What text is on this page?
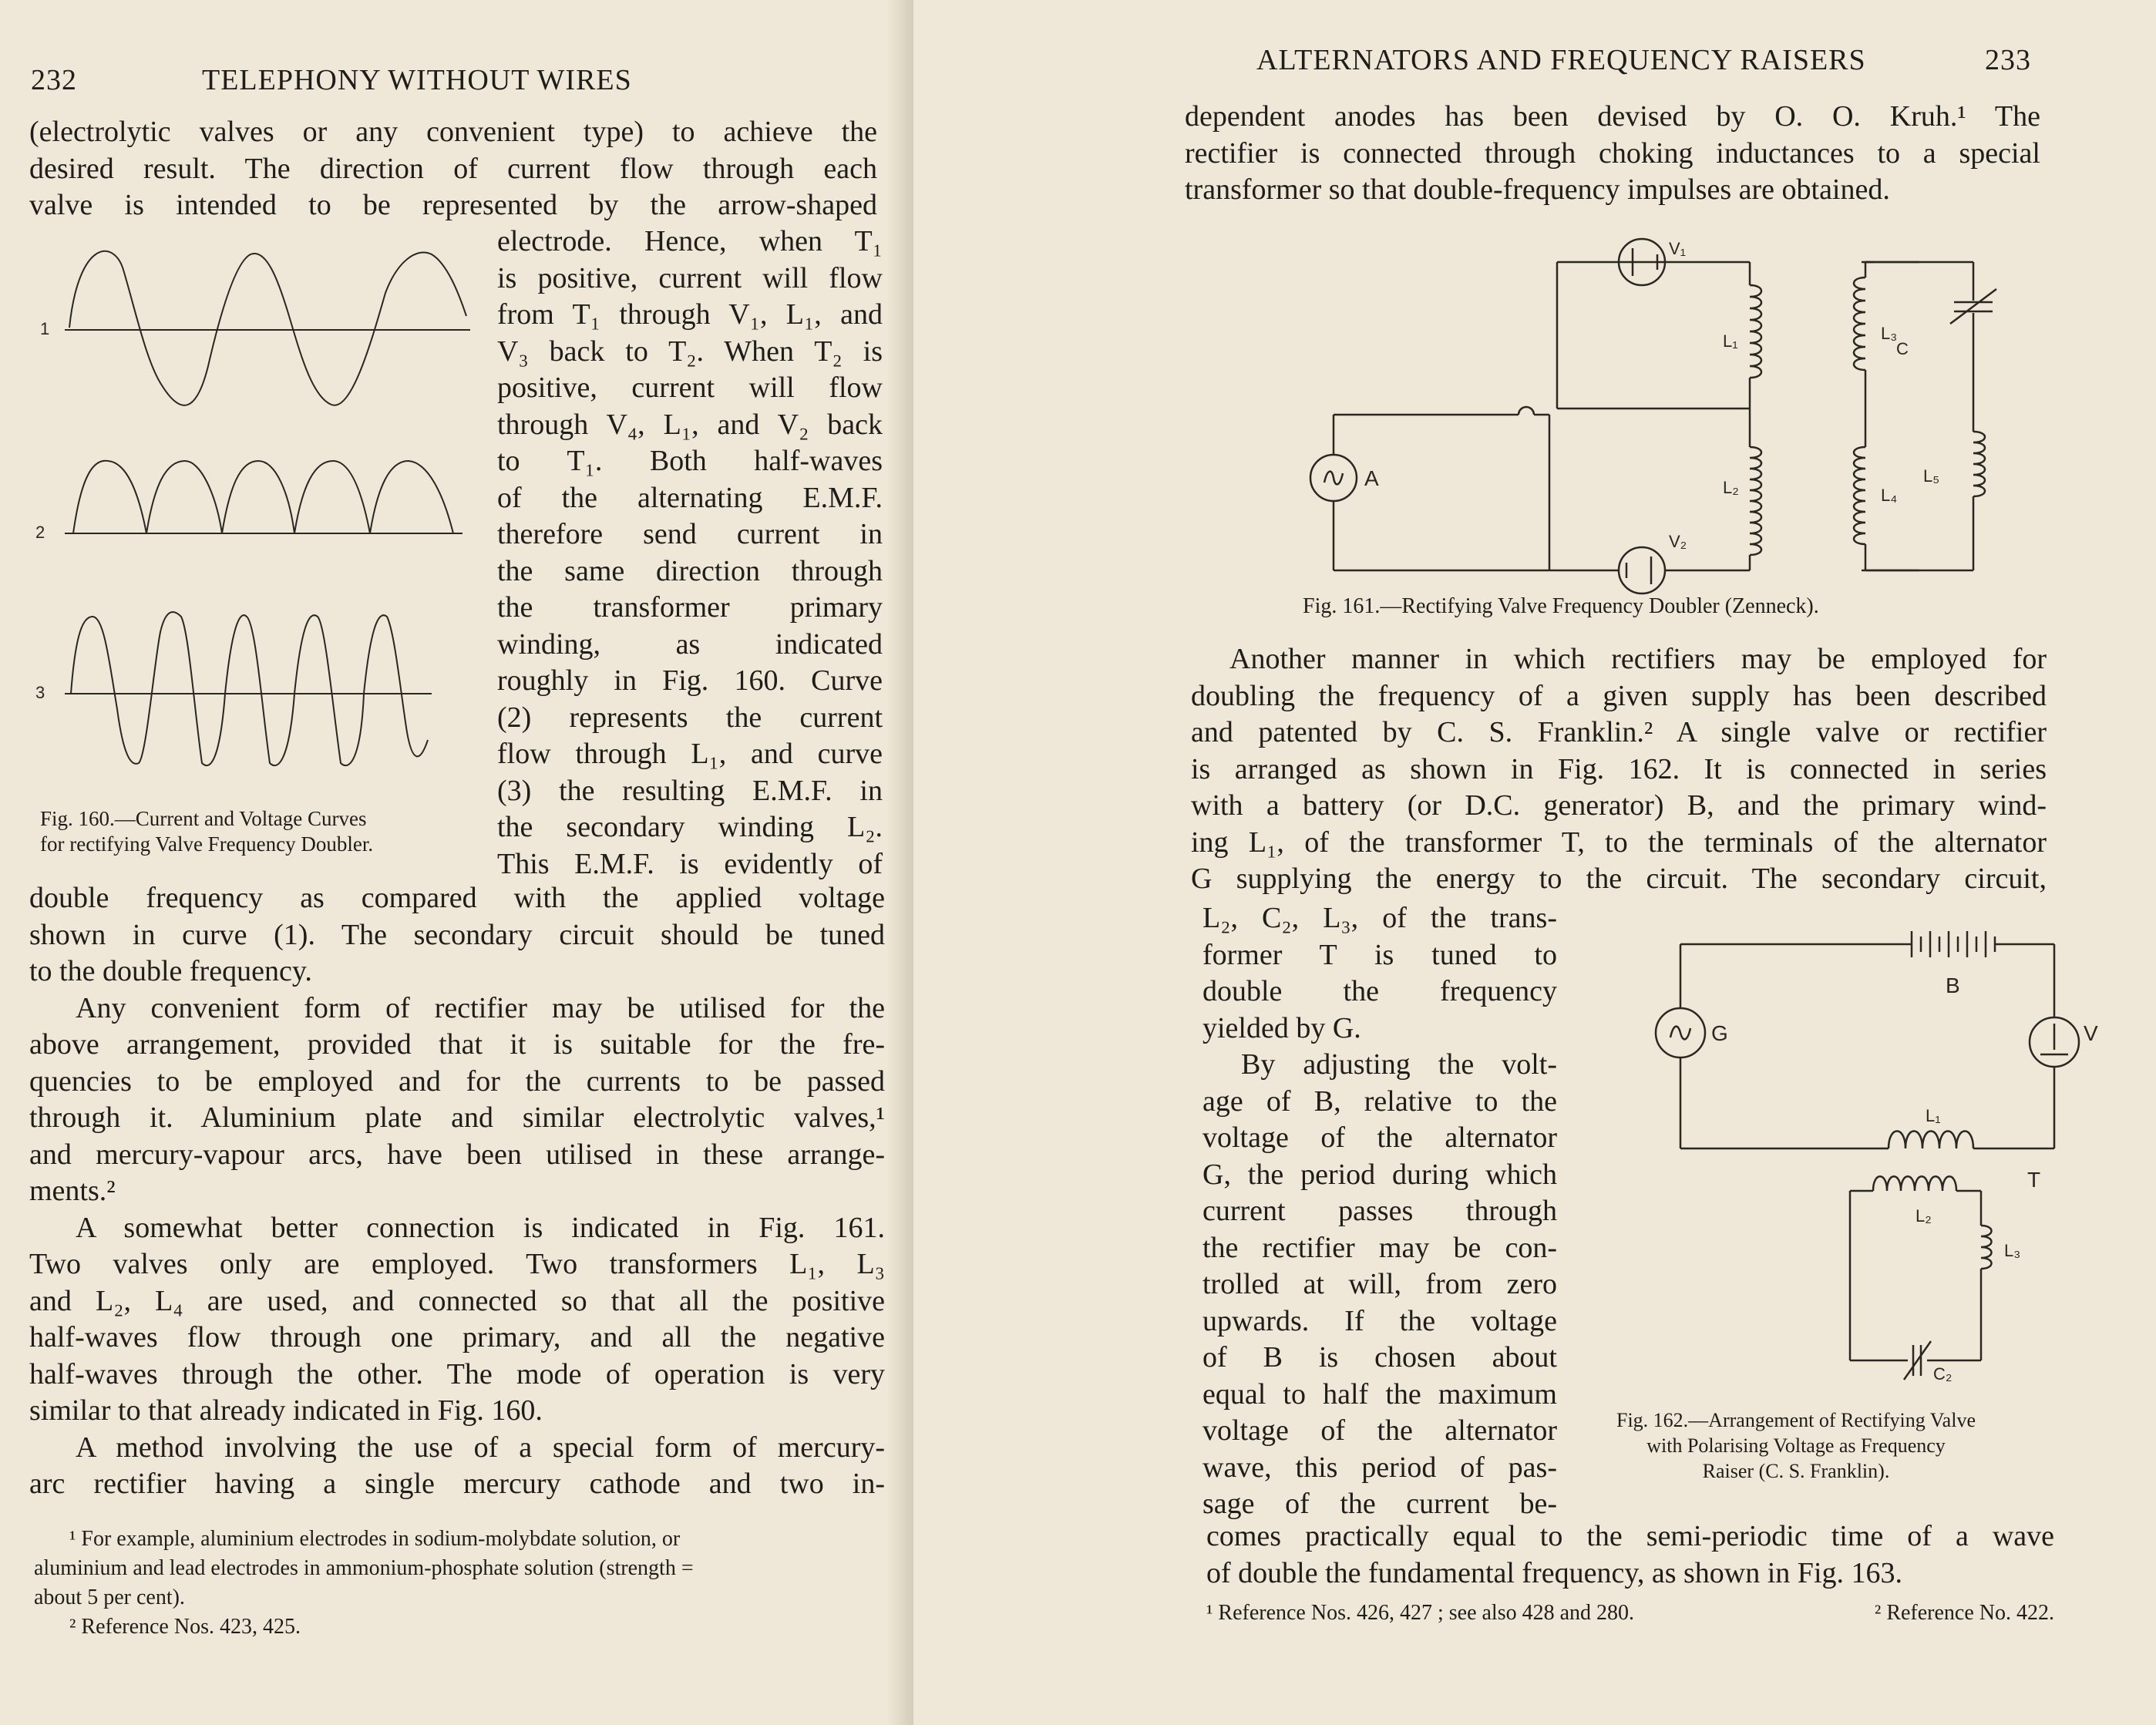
232	TELEPHONY WITHOUT WIRES
(electrolytic valves or any convenient type) to achieve the
desired result. The direction of current flow through each
valve is intended to be represented by the arrow-shaped
1
2
3
Fig. 160.—Current and Voltage Curves
for rectifying Valve Frequency Doubler.
electrode. Hence, when T₁
is positive, current will flow
from T₁ through V₁, L₁, and
V₃ back to T₂. When T₂ is
positive, current will flow
through V₄, L₁, and V₂ back
to T₁. Both half-waves
of the alternating E.M.F.
therefore send current in
the same direction through
the transformer primary
winding, as indicated
roughly in Fig. 160. Curve
(2) represents the current
flow through L₁, and curve
(3) the resulting E.M.F. in
the secondary winding L₂.
This E.M.F. is evidently of
double frequency as compared with the applied voltage
shown in curve (1). The secondary circuit should be tuned
to the double frequency.
Any convenient form of rectifier may be utilised for the
above arrangement, provided that it is suitable for the fre-
quencies to be employed and for the currents to be passed
through it. Aluminium plate and similar electrolytic valves,¹
and mercury-vapour arcs, have been utilised in these arrange-
ments.²
A somewhat better connection is indicated in Fig. 161.
Two valves only are employed. Two transformers L₁, L₃
and L₂, L₄ are used, and connected so that all the positive
half-waves flow through one primary, and all the negative
half-waves through the other. The mode of operation is very
similar to that already indicated in Fig. 160.
A method involving the use of a special form of mercury-
arc rectifier having a single mercury cathode and two in-
¹ For example, aluminium electrodes in sodium-molybdate solution, or
aluminium and lead electrodes in ammonium-phosphate solution (strength =
about 5 per cent).
² Reference Nos. 423, 425.
ALTERNATORS AND FREQUENCY RAISERS	233
dependent anodes has been devised by O. O. Kruh.¹ The
rectifier is connected through choking inductances to a special
transformer so that double-frequency impulses are obtained.
V₁
V₂
A
L₁
L₂
L₃
L₄
L₅
C
Fig. 161.—Rectifying Valve Frequency Doubler (Zenneck).
Another manner in which rectifiers may be employed for
doubling the frequency of a given supply has been described
and patented by C. S. Franklin.² A single valve or rectifier
is arranged as shown in Fig. 162. It is connected in series
with a battery (or D.C. generator) B, and the primary wind-
ing L₁, of the transformer T, to the terminals of the alternator
G supplying the energy to the circuit. The secondary circuit,
L₂, C₂, L₃, of the trans-
former T is tuned to
double the frequency
yielded by G.
By adjusting the volt-
age of B, relative to the
voltage of the alternator
G, the period during which
current passes through
the rectifier may be con-
trolled at will, from zero
upwards. If the voltage
of B is chosen about
equal to half the maximum
voltage of the alternator
wave, this period of pas-
sage of the current be-
B
G	V
T
L₁
L₂
L₃
C₂
Fig. 162.—Arrangement of Rectifying Valve
with Polarising Voltage as Frequency
Raiser (C. S. Franklin).
comes practically equal to the semi-periodic time of a wave
of double the fundamental frequency, as shown in Fig. 163.
¹ Reference Nos. 426, 427 ; see also 428 and 280.	² Reference No. 422.
